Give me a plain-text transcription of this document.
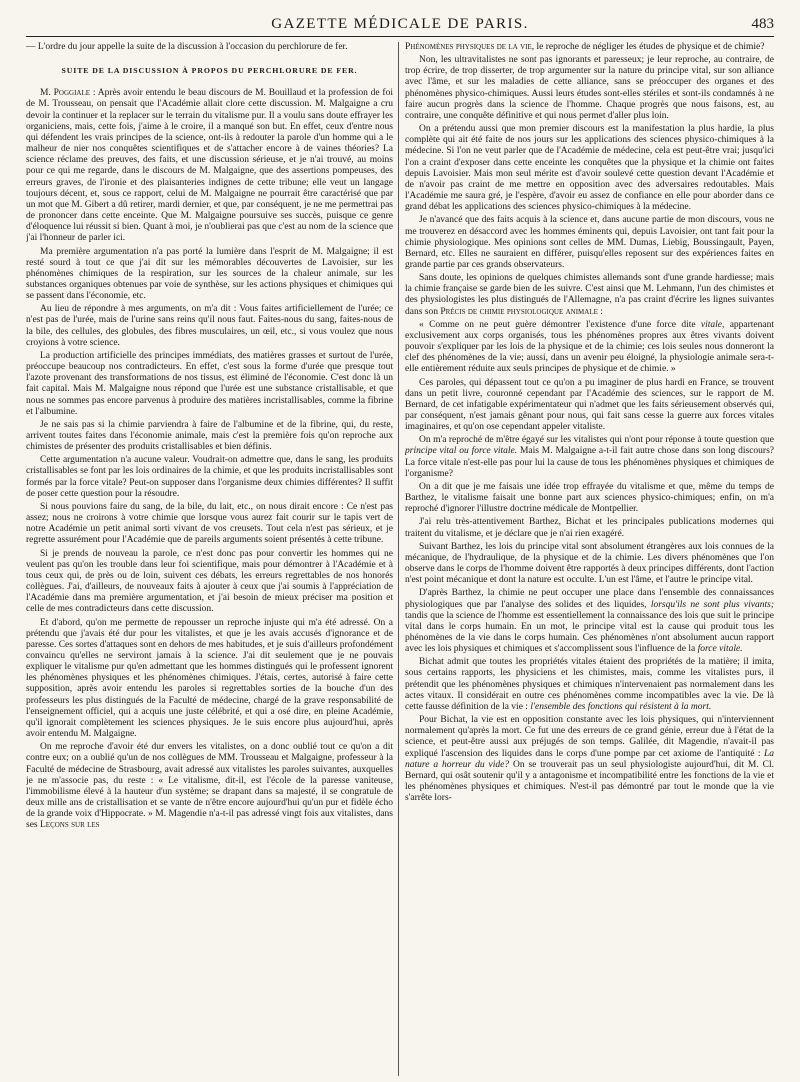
GAZETTE MÉDICALE DE PARIS.	483

— L'ordre du jour appelle la suite de la discussion à l'occasion du perchlorure de fer.

SUITE DE LA DISCUSSION À PROPOS DU PERCHLORURE DE FER.

M. Poggiale : Après avoir entendu le beau discours de M. Bouillaud et la profession de foi de M. Trousseau, on pensait que l'Académie allait clore cette discussion. M. Malgaigne a cru devoir la continuer et la replacer sur le terrain du vitalisme pur. Il a voulu sans doute effrayer les organiciens, mais, cette fois, j'aime à le croire, il a manqué son but. En effet, ceux d'entre nous qui défendent les vrais principes de la science, ont-ils à redouter la parole d'un homme qui a le malheur de nier nos conquêtes scientifiques et de s'attacher encore à de vaines théories? La science réclame des preuves, des faits, et une discussion sérieuse, et je n'ai trouvé, au moins pour ce qui me regarde, dans le discours de M. Malgaigne, que des assertions pompeuses, des erreurs graves, de l'ironie et des plaisanteries indignes de cette tribune; elle veut un langage toujours décent, et, sous ce rapport, celui de M. Malgaigne ne pourrait être caractérisé que par un mot que M. Gibert a dû retirer, mardi dernier, et que, par conséquent, je ne me permettrai pas de prononcer dans cette enceinte. Que M. Malgaigne poursuive ses succès, puisque ce genre d'éloquence lui réussit si bien. Quant à moi, je n'oublierai pas que c'est au nom de la science que j'ai l'honneur de parler ici.

Ma première argumentation n'a pas porté la lumière dans l'esprit de M. Malgaigne; il est resté sourd à tout ce que j'ai dit sur les mémorables découvertes de Lavoisier, sur les phénomènes chimiques de la respiration, sur les sources de la chaleur animale, sur les substances organiques obtenues par voie de synthèse, sur les actions physiques et chimiques qui se passent dans l'économie, etc.

Au lieu de répondre à mes arguments, on m'a dit : Vous faites artificiellement de l'urée; ce n'est pas de l'urée, mais de l'urine sans reins qu'il nous faut. Faites-nous du sang, faites-nous de la bile, des cellules, des globules, des fibres musculaires, un œil, etc., si vous voulez que nous croyions à votre science.

La production artificielle des principes immédiats, des matières grasses et surtout de l'urée, préoccupe beaucoup nos contradicteurs. En effet, c'est sous la forme d'urée que presque tout l'azote provenant des transformations de nos tissus, est éliminé de l'économie. C'est donc là un fait capital. Mais M. Malgaigne nous répond que l'urée est une substance cristallisable, et que nous ne sommes pas encore parvenus à produire des matières incristallisables, comme la fibrine et l'albumine.

Je ne sais pas si la chimie parviendra à faire de l'albumine et de la fibrine, qui, du reste, arrivent toutes faites dans l'économie animale, mais c'est la première fois qu'on reproche aux chimistes de présenter des produits cristallisables et bien définis.

Cette argumentation n'a aucune valeur. Voudrait-on admettre que, dans le sang, les produits cristallisables se font par les lois ordinaires de la chimie, et que les produits incristallisables sont formés par la force vitale? Peut-on supposer dans l'organisme deux chimies différentes? Il suffit de poser cette question pour la résoudre.

Si nous pouvions faire du sang, de la bile, du lait, etc., on nous dirait encore : Ce n'est pas assez; nous ne croirons à votre chimie que lorsque vous aurez fait courir sur le tapis vert de notre Académie un petit animal sorti vivant de vos creusets. Tout cela n'est pas sérieux, et je regrette assurément pour l'Académie que de pareils arguments soient présentés à cette tribune.

Si je prends de nouveau la parole, ce n'est donc pas pour convertir les hommes qui ne veulent pas qu'on les trouble dans leur foi scientifique, mais pour démontrer à l'Académie et à tous ceux qui, de près ou de loin, suivent ces débats, les erreurs regrettables de nos honorés collègues. J'ai, d'ailleurs, de nouveaux faits à ajouter à ceux que j'ai soumis à l'appréciation de l'Académie dans ma première argumentation, et j'ai besoin de mieux préciser ma position et celle de mes contradicteurs dans cette discussion.

Et d'abord, qu'on me permette de repousser un reproche injuste qui m'a été adressé. On a prétendu que j'avais été dur pour les vitalistes, et que je les avais accusés d'ignorance et de paresse. Ces sortes d'attaques sont en dehors de mes habitudes, et je suis d'ailleurs profondément convaincu qu'elles ne serviront jamais à la science. J'ai dit seulement que je ne pouvais expliquer le vitalisme pur qu'en admettant que les hommes distingués qui le professent ignorent les phénomènes physiques et les phénomènes chimiques. J'étais, certes, autorisé à faire cette supposition, après avoir entendu les paroles si regrettables sorties de la bouche d'un des professeurs les plus distingués de la Faculté de médecine, chargé de la grave responsabilité de l'enseignement officiel, qui a acquis une juste célébrité, et qui a osé dire, en pleine Académie, qu'il ignorait complètement les sciences physiques. Je le suis encore plus aujourd'hui, après avoir entendu M. Malgaigne.

On me reproche d'avoir été dur envers les vitalistes, on a donc oublié tout ce qu'on a dit contre eux; on a oublié qu'un de nos collègues de MM. Trousseau et Malgaigne, professeur à la Faculté de médecine de Strasbourg, avait adressé aux vitalistes les paroles suivantes, auxquelles je ne m'associe pas, du reste : « Le vitalisme, dit-il, est l'école de la paresse vaniteuse, l'immobilisme élevé à la hauteur d'un système; se drapant dans sa majesté, il se congratule de deux mille ans de cristallisation et se vante de n'être encore aujourd'hui qu'un pur et fidèle écho de la grande voix d'Hippocrate. » M. Magendie n'a-t-il pas adressé vingt fois aux vitalistes, dans ses Leçons sur les

Phénomènes physiques de la vie, le reproche de négliger les études de physique et de chimie?

Non, les ultravitalistes ne sont pas ignorants et paresseux; je leur reproche, au contraire, de trop écrire, de trop disserter, de trop argumenter sur la nature du principe vital, sur son alliance avec l'âme, et sur les maladies de cette alliance, sans se préoccuper des organes et des phénomènes physico-chimiques. Aussi leurs études sont-elles stériles et sont-ils condamnés à ne faire aucun progrès dans la science de l'homme. Chaque progrès que nous faisons, est, au contraire, une conquête définitive et qui nous permet d'aller plus loin.

On a prétendu aussi que mon premier discours est la manifestation la plus hardie, la plus complète qui ait été faite de nos jours sur les applications des sciences physico-chimiques à la médecine. Si l'on ne veut parler que de l'Académie de médecine, cela est peut-être vrai; jusqu'ici l'on a craint d'exposer dans cette enceinte les conquêtes que la physique et la chimie ont faites depuis Lavoisier. Mais mon seul mérite est d'avoir soulevé cette question devant l'Académie et de n'avoir pas craint de me mettre en opposition avec des adversaires redoutables. Mais l'Académie me saura gré, je l'espère, d'avoir eu assez de confiance en elle pour aborder dans ce grand débat les applications des sciences physico-chimiques à la médecine.

Je n'avancé que des faits acquis à la science et, dans aucune partie de mon discours, vous ne me trouverez en désaccord avec les hommes éminents qui, depuis Lavoisier, ont tant fait pour la chimie physiologique. Mes opinions sont celles de MM. Dumas, Liebig, Boussingault, Payen, Bernard, etc. Elles ne sauraient en différer, puisqu'elles reposent sur des expériences faites en grande partie par ces grands observateurs.

Sans doute, les opinions de quelques chimistes allemands sont d'une grande hardiesse; mais la chimie française se garde bien de les suivre. C'est ainsi que M. Lehmann, l'un des chimistes et des physiologistes les plus distingués de l'Allemagne, n'a pas craint d'écrire les lignes suivantes dans son Précis de chimie physiologique animale :

« Comme on ne peut guère démontrer l'existence d'une force dite vitale, appartenant exclusivement aux corps organisés, tous les phénomènes propres aux êtres vivants doivent pouvoir s'expliquer par les lois de la physique et de la chimie; ces lois seules nous donneront la clef des phénomènes de la vie; aussi, dans un avenir peu éloigné, la physiologie animale sera-t-elle entièrement réduite aux seuls principes de physique et de chimie. »

Ces paroles, qui dépassent tout ce qu'on a pu imaginer de plus hardi en France, se trouvent dans un petit livre, couronné cependant par l'Académie des sciences, sur le rapport de M. Bernard, de cet infatigable expérimentateur qui n'admet que les faits sérieusement observés qui, par conséquent, n'est jamais gênant pour nous, qui fait sans cesse la guerre aux forces vitales imaginaires, et qu'on ose cependant appeler vitaliste.

On m'a reproché de m'être égayé sur les vitalistes qui n'ont pour réponse à toute question que principe vital ou force vitale. Mais M. Malgaigne a-t-il fait autre chose dans son long discours? La force vitale n'est-elle pas pour lui la cause de tous les phénomènes physiques et chimiques de l'organisme?

On a dit que je me faisais une idée trop effrayée du vitalisme et que, même du temps de Barthez, le vitalisme faisait une bonne part aux sciences physico-chimiques; enfin, on m'a reproché d'ignorer l'illustre doctrine médicale de Montpellier.

J'ai relu très-attentivement Barthez, Bichat et les principales publications modernes qui traitent du vitalisme, et je déclare que je n'ai rien exagéré.

Suivant Barthez, les lois du principe vital sont absolument étrangères aux lois connues de la mécanique, de l'hydraulique, de la physique et de la chimie. Les divers phénomènes que l'on observe dans le corps de l'homme doivent être rapportés à deux principes différents, dont l'action n'est point mécanique et dont la nature est occulte. L'un est l'âme, et l'autre le principe vital.

D'après Barthez, la chimie ne peut occuper une place dans l'ensemble des connaissances physiologiques que par l'analyse des solides et des liquides, lorsqu'ils ne sont plus vivants; tandis que la science de l'homme est essentiellement la connaissance des lois que suit le principe vital dans le corps humain. En un mot, le principe vital est la cause qui produit tous les phénomènes de la vie dans le corps humain. Ces phénomènes n'ont absolument aucun rapport avec les lois physiques et chimiques et s'accomplissent sous l'influence de la force vitale.

Bichat admit que toutes les propriétés vitales étaient des propriétés de la matière; il imita, sous certains rapports, les physiciens et les chimistes, mais, comme les vitalistes purs, il prétendit que les phénomènes physiques et chimiques n'intervenaient pas normalement dans les actes vitaux. Il considérait en outre ces phénomènes comme incompatibles avec la vie. De là cette fausse définition de la vie : l'ensemble des fonctions qui résistent à la mort.

Pour Bichat, la vie est en opposition constante avec les lois physiques, qui n'interviennent normalement qu'après la mort. Ce fut une des erreurs de ce grand génie, erreur due à l'état de la science, et peut-être aussi aux préjugés de son temps. Galilée, dit Magendie, n'avait-il pas expliqué l'ascension des liquides dans le corps d'une pompe par cet axiome de l'antiquité : La nature a horreur du vide? On se trouverait pas un seul physiologiste aujourd'hui, dit M. Cl. Bernard, qui osât soutenir qu'il y a antagonisme et incompatibilité entre les fonctions de la vie et les phénomènes physiques et chimiques. N'est-il pas démontré par tout le monde que la vie s'arrête lors-
